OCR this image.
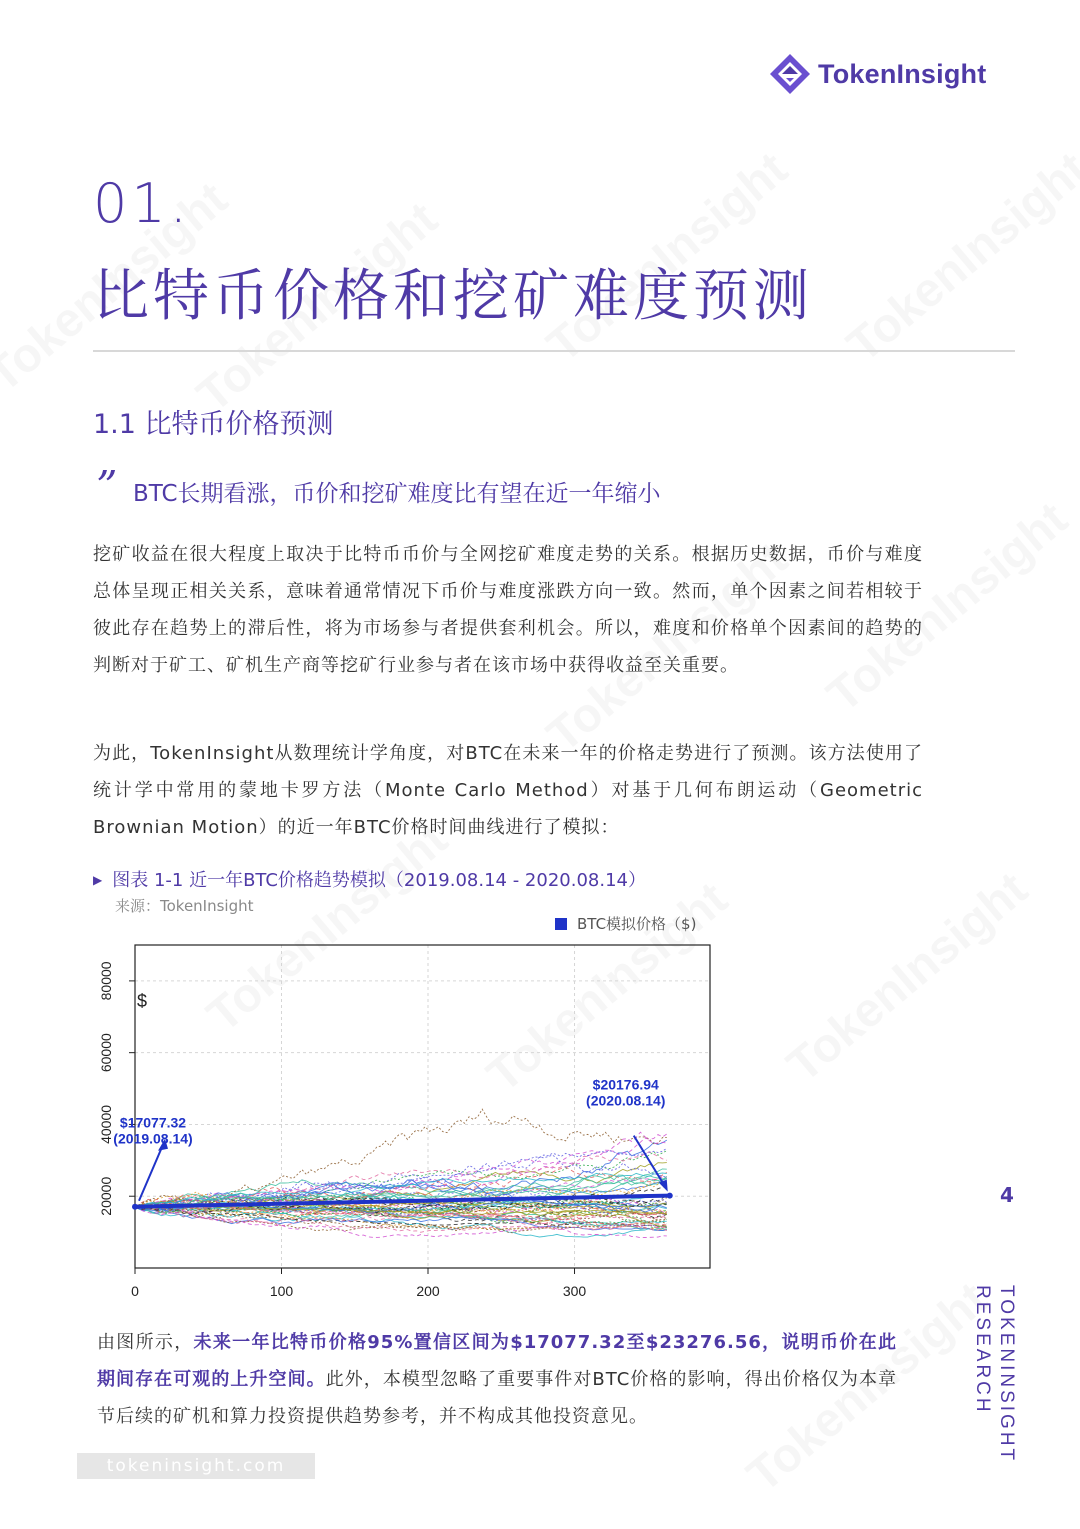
TokenInsight
01.
比特币价格和挖矿难度预测
1.1 比特币价格预测
” BTC长期看涨，币价和挖矿难度比有望在近一年缩小

挖矿收益在很大程度上取决于比特币币价与全网挖矿难度走势的关系。根据历史数据，币价与难度总体呈现正相关关系，意味着通常情况下币价与难度涨跌方向一致。然而，单个因素之间若相较于彼此存在趋势上的滞后性，将为市场参与者提供套利机会。所以，难度和价格单个因素间的趋势的判断对于矿工、矿机生产商等挖矿行业参与者在该市场中获得收益至关重要。

为此，TokenInsight从数理统计学角度，对BTC在未来一年的价格走势进行了预测。该方法使用了统计学中常用的蒙地卡罗方法（Monte Carlo Method）对基于几何布朗运动（Geometric Brownian Motion）的近一年BTC价格时间曲线进行了模拟：

▶ 图表 1-1 近一年BTC价格趋势模拟（2019.08.14 - 2020.08.14）
来源：TokenInsight
BTC模拟价格（$)
0	100	200	300
20000
40000
60000
80000
$
$17077.32
(2019.08.14)
$20176.94
(2020.08.14)

由图所示，未来一年比特币价格95%置信区间为$17077.32至$23276.56，说明币价在此期间存在可观的上升空间。此外，本模型忽略了重要事件对BTC价格的影响，得出价格仅为本章节后续的矿机和算力投资提供趋势参考，并不构成其他投资意见。

tokeninsight.com
4
TOKENINSIGHT RESEARCH
